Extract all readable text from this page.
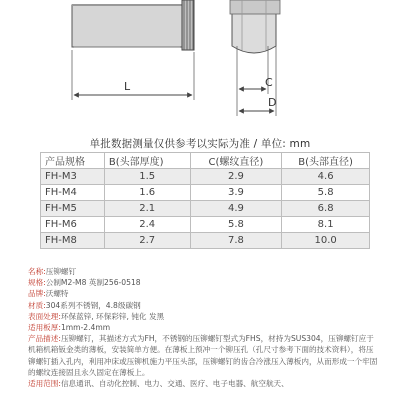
L	C
D
单批数据测量仅供参考以实际为准 / 单位: mm
产品规格	B(头部厚度)	C(螺纹直径)	B(头部直径)
FH-M3	1.5	2.9	4.6
FH-M4	1.6	3.9	5.8
FH-M5	2.1	4.9	6.8
FH-M6	2.4	5.8	8.1
FH-M8	2.7	7.8	10.0
名称:压铆螺钉
规格:公制M2-M8 英制256-0518
品牌:沃螺特
材质:304系列不锈钢，4.8级碳钢
表面处理:环保蓝锌, 环保彩锌, 钝化 发黑
适用板厚:1mm-2.4mm
产品描述:压铆螺钉，其描述方式为FH，不锈钢的压铆螺钉型式为FHS，材持为SUS304，压铆螺钉应于机箱机箱钣金类的薄板，安装简单方便。在薄板上预冲一个铆压孔（孔尺寸参考下面的技术资料），将压铆螺钉插入孔内，利用冲床或压铆机施力平压头部，压铆螺钉的齿合冷涨压入薄板内，从而形成一个牢固的螺纹连接固且永久固定在薄板上。
适用范围:信息通讯、自动化控制、电力、交通、医疗、电子电器、航空航天、
